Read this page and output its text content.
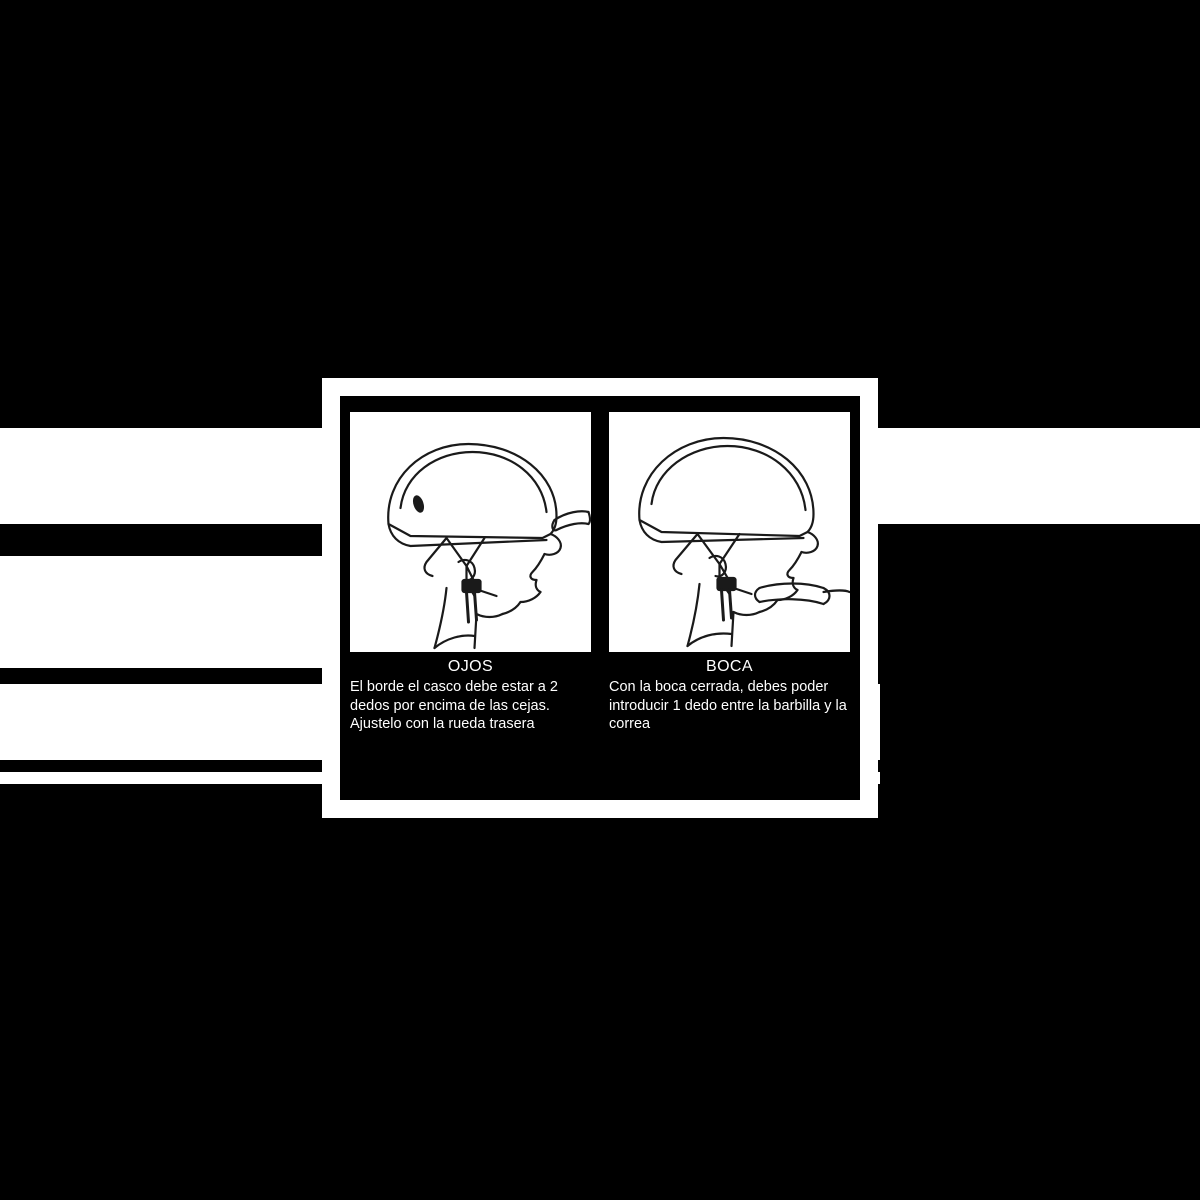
OJOS
El borde el casco debe estar a 2 dedos por encima de las cejas. Ajustelo con la rueda trasera
BOCA
Con la boca cerrada, debes poder introducir 1 dedo entre la barbilla y la correa
